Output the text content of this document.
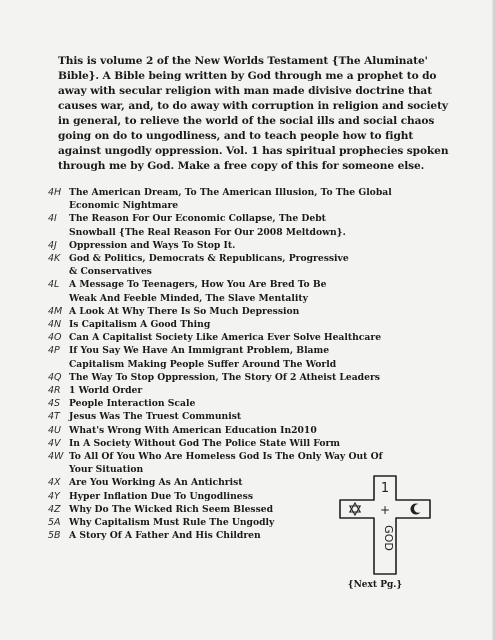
This is volume 2 of the New Worlds Testament {The Aluminate' Bible}. A Bible being written by God through me a prophet to do away with secular religion with man made divisive doctrine that causes war, and, to do away with corruption in religion and society in general, to relieve the world of the social ills and social chaos going on do to ungodliness, and to teach people how to fight against ungodly oppression. Vol. 1 has spiritual prophecies spoken through me by God. Make a free copy of this for someone else.
4H The American Dream, To The American Illusion, To The Global Economic Nightmare
4I	The Reason For Our Economic Collapse, The Debt Snowball {The Real Reason For Our 2008 Meltdown}.
4J	Oppression and Ways To Stop It.
4K God & Politics, Democrats & Republicans, Progressive & Conservatives
4L	A Message To Teenagers, How You Are Bred To Be Weak And Feeble Minded, The Slave Mentality
4M A Look At Why There Is So Much Depression
4N Is Capitalism A Good Thing
4O Can A Capitalist Society Like America Ever Solve Healthcare
4P	If You Say We Have An Immigrant Problem, Blame Capitalism Making People Suffer Around The World
4Q The Way To Stop Oppression, The Story Of 2 Atheist Leaders
4R 1 World Order
4S People Interaction Scale
4T Jesus Was The Truest Communist
4U What's Wrong With American Education In2010
4V In A Society Without God The Police State Will Form
4W To All Of You Who Are Homeless God Is The Only Way Out Of Your Situation
4X Are You Working As An Antichrist
4Y Hyper Inflation Due To Ungodliness
4Z Why Do The Wicked Rich Seem Blessed
5A Why Capitalism Must Rule The Ungodly
5B A Story Of A Father And His Children
1
+
GOD
{Next Pg.}
